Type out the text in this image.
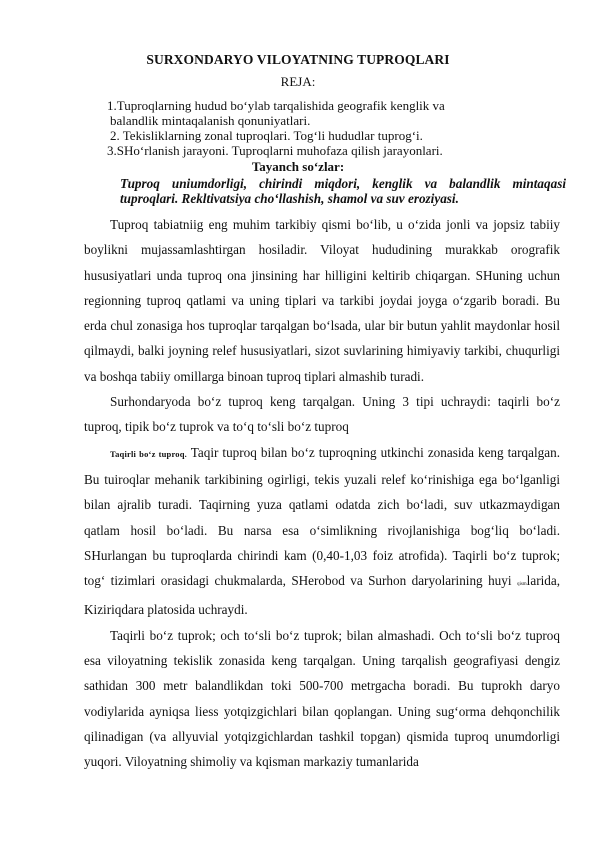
SURXONDARYO VILOYATNING TUPROQLARI
REJA:
1.Tuproqlarning hudud bo‘ylab tarqalishida geografik kenglik va
balandlik mintaqalanish qonuniyatlari.
2. Tekisliklarning zonal tuproqlari. Tog‘li hududlar tuprog‘i.
3.SHo‘rlanish jarayoni. Tuproqlarni muhofaza qilish jarayonlari.
Tayanch so‘zlar:
Tuproq uniumdorligi, chirindi miqdori, kenglik va balandlik mintaqasi
tuproqlari. Rekltivatsiya cho‘llashish, shamol va suv eroziyasi.

Tuproq tabiatniig eng muhim tarkibiy qismi bo‘lib, u o‘zida jonli va jopsiz tabiiy boylikni mujassamlashtirgan hosiladir. Viloyat hududining murakkab orografik hususiyatlari unda tuproq ona jinsining har hilligini keltirib chiqargan. SHuning uchun regionning tuproq qatlami va uning tiplari va tarkibi joydai joyga o‘zgarib boradi. Bu erda chul zonasiga hos tuproqlar tarqalgan bo‘lsada, ular bir butun yahlit maydonlar hosil qilmaydi, balki joyning relef hususiyatlari, sizot suvlarining himiyaviy tarkibi, chuqurligi va boshqa tabiiy omillarga binoan tuproq tiplari almashib turadi.

Surhondaryoda bo‘z tuproq keng tarqalgan. Uning 3 tipi uchraydi: taqirli bo‘z tuproq, tipik bo‘z tuprok va to‘q to‘sli bo‘z tuproq

Taqirli bo‘z tuproq. Taqir tuproq bilan bo‘z tuproqning utkinchi zonasida keng tarqalgan. Bu tuiroqlar mehanik tarkibining ogirligi, tekis yuzali relef ko‘rinishiga ega bo‘lganligi bilan ajralib turadi. Taqirning yuza qatlami odatda zich bo‘ladi, suv utkazmaydigan qatlam hosil bo‘ladi. Bu narsa esa o‘simlikning rivojlanishiga bog‘liq bo‘ladi. SHurlangan bu tuproqlarda chirindi kam (0,40-1,03 foiz atrofida). Taqirli bo‘z tuprok; tog‘ tizimlari orasidagi chukmalarda, SHerobod va Surhon daryolarining huyi qismlarida, Kiziriqdara platosida uchraydi.

Taqirli bo‘z tuprok; och to‘sli bo‘z tuprok; bilan almashadi. Och to‘sli bo‘z tuproq esa viloyatning tekislik zonasida keng tarqalgan. Uning tarqalish geografiyasi dengiz sathidan 300 metr balandlikdan toki 500-700 metrgacha boradi. Bu tuprokh daryo vodiylarida ayniqsa liess yotqizgichlari bilan qoplangan. Uning sug‘orma dehqonchilik qilinadigan (va allyuvial yotqizgichlardan tashkil topgan) qismida tuproq unumdorligi yuqori. Viloyatning shimoliy va kqisman markaziy tumanlarida
